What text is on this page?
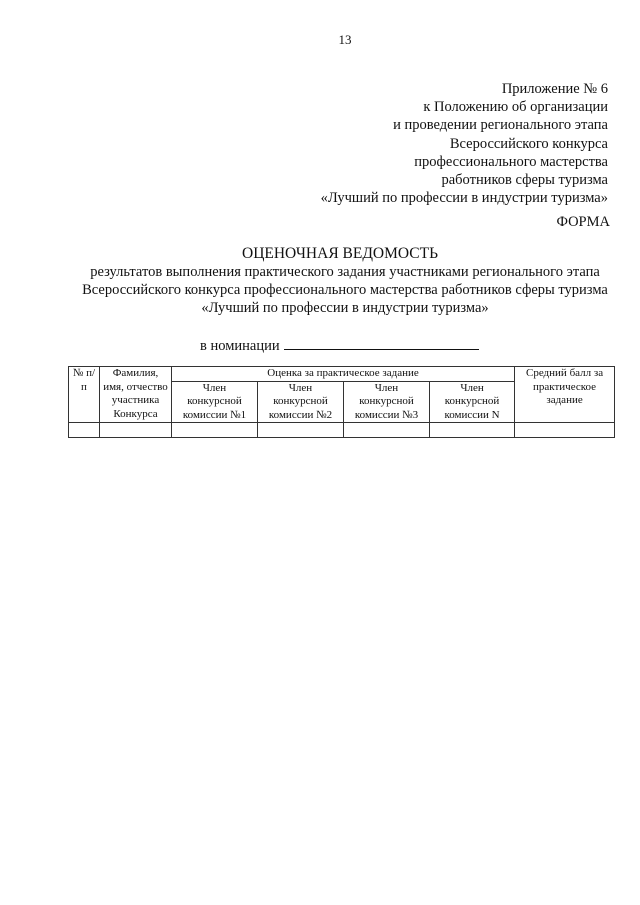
13
Приложение № 6
к Положению об организации
и проведении регионального этапа
Всероссийского конкурса
профессионального мастерства
работников сферы туризма
«Лучший по профессии в индустрии туризма»
ФОРМА
ОЦЕНОЧНАЯ ВЕДОМОСТЬ
результатов выполнения практического задания участниками регионального этапа
Всероссийского конкурса профессионального мастерства работников сферы туризма
«Лучший по профессии в индустрии туризма»
в номинации
№ п/п	Фамилия, имя, отчество участника Конкурса	Оценка за практическое задание				Средний балл за практическое задание
		Член конкурсной комиссии №1	Член конкурсной комиссии №2	Член конкурсной комиссии №3	Член конкурсной комиссии N	
